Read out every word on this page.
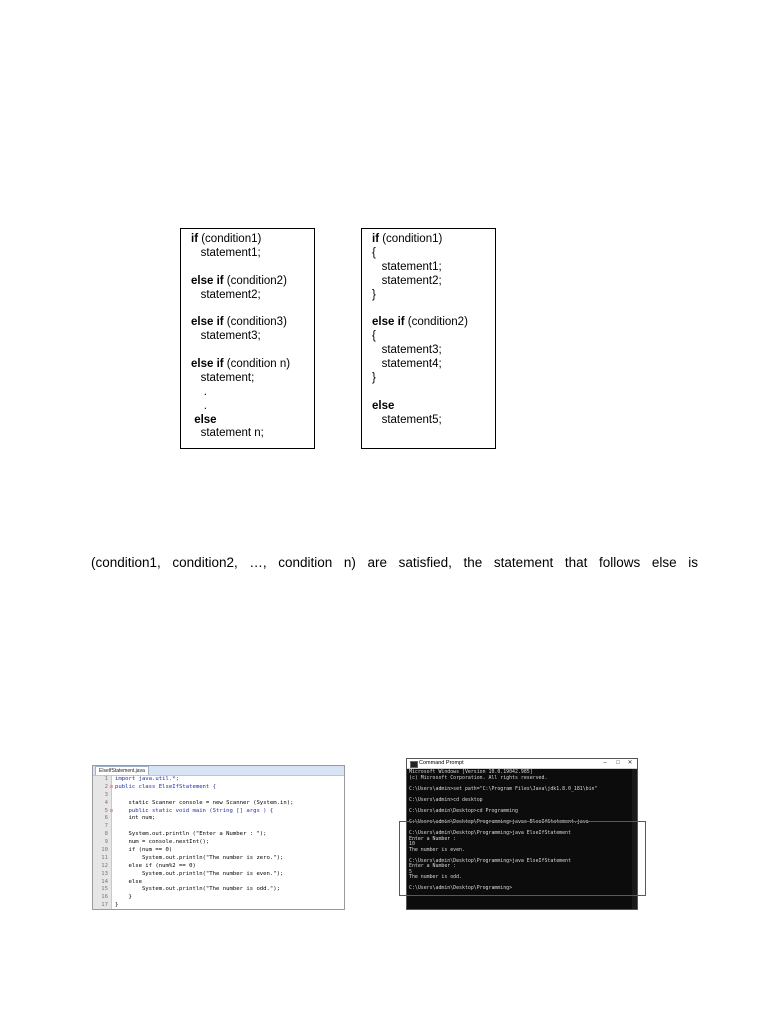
if (condition1)
statement1;
else if (condition2)
statement2;
else if (condition3)
statement3;
else if (condition n)
statement;
.
.
else
statement n;
if (condition1)
{
statement1;
statement2;
}
else if (condition2)
{
statement3;
statement4;
}
else
statement5;
(condition1, condition2, …, condition n) are satisfied, the statement that follows else is
ElseIfStatement.java
1 import java.util.*;
2 ⊟ public class ElseIfStatement {
3
4 static Scanner console = new Scanner (System.in);
5 ⊟ public static void main (String [] args ) {
6 int num;
7
8 System.out.println ("Enter a Number : ");
9 num = console.nextInt();
10 if (num == 0)
11 System.out.println("The number is zero.");
12 else if (num%2 == 0)
13 System.out.println("The number is even.");
14 else
15 System.out.println("The number is odd.");
16 }
17 }
Command Prompt	–	□	✕
Microsoft Windows [Version 10.0.19042.985]
(c) Microsoft Corporation. All rights reserved.
C:\Users\admin>set path="C:\Program Files\Java\jdk1.8.0_181\bin"
C:\Users\admin>cd desktop
C:\Users\admin\Desktop>cd Programming
C:\Users\admin\Desktop\Programming>javac ElseIfStatement.java
C:\Users\admin\Desktop\Programming>java ElseIfStatement
Enter a Number :
10
The number is even.
C:\Users\admin\Desktop\Programming>java ElseIfStatement
Enter a Number :
5
The number is odd.
C:\Users\admin\Desktop\Programming>
